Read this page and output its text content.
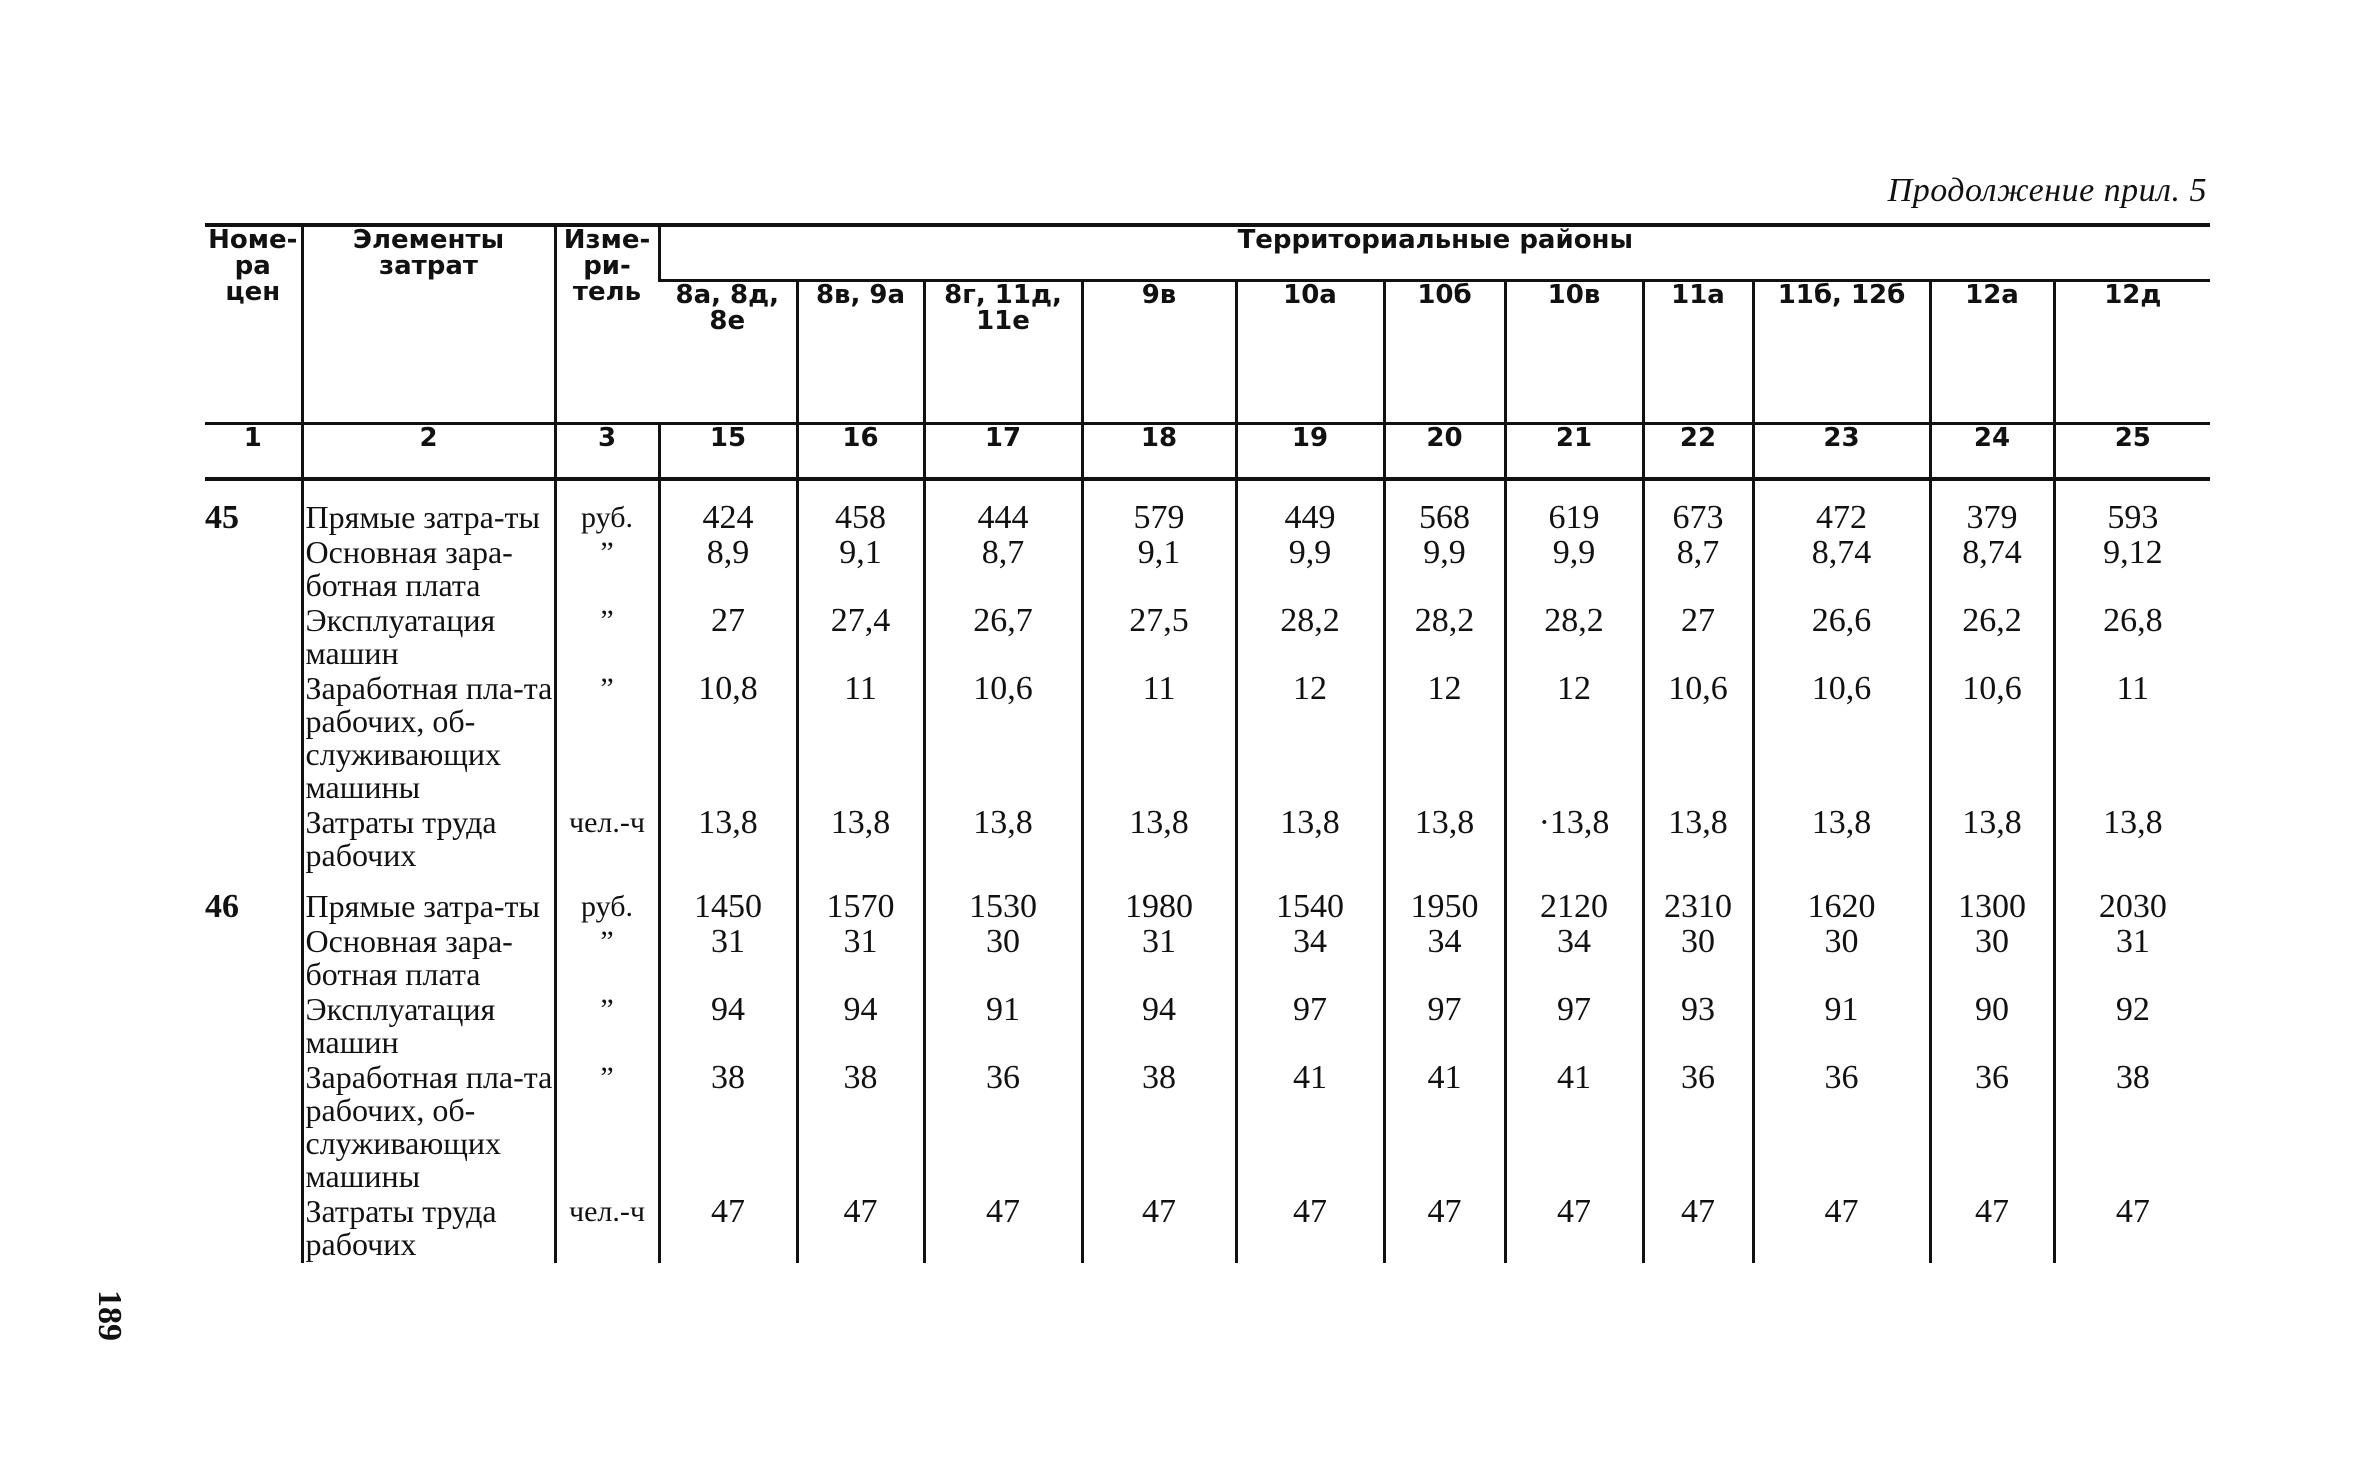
Продолжение прил. 5
189
Номе-ра цен	Элементы затрат	Изме-ри-тель	Территориальные районы										
			8а, 8д, 8е	8в, 9а	8г, 11д, 11е	9в	10а	10б	10в	11а	11б, 12б	12а	12д
1	2	3	15	16	17	18	19	20	21	22	23	24	25
45	Прямые затра-ты	руб.	424	458	444	579	449	568	619	673	472	379	593
	Основная зара-ботная плата	”	8,9	9,1	8,7	9,1	9,9	9,9	9,9	8,7	8,74	8,74	9,12
	Эксплуатация машин	”	27	27,4	26,7	27,5	28,2	28,2	28,2	27	26,6	26,2	26,8
	Заработная пла-та рабочих, об-служивающих машины	”	10,8	11	10,6	11	12	12	12	10,6	10,6	10,6	11
	Затраты труда рабочих	чел.-ч	13,8	13,8	13,8	13,8	13,8	13,8	·13,8	13,8	13,8	13,8	13,8
46	Прямые затра-ты	руб.	1450	1570	1530	1980	1540	1950	2120	2310	1620	1300	2030
	Основная зара-ботная плата	”	31	31	30	31	34	34	34	30	30	30	31
	Эксплуатация машин	”	94	94	91	94	97	97	97	93	91	90	92
	Заработная пла-та рабочих, об-служивающих машины	”	38	38	36	38	41	41	41	36	36	36	38
	Затраты труда рабочих	чел.-ч	47	47	47	47	47	47	47	47	47	47	47
